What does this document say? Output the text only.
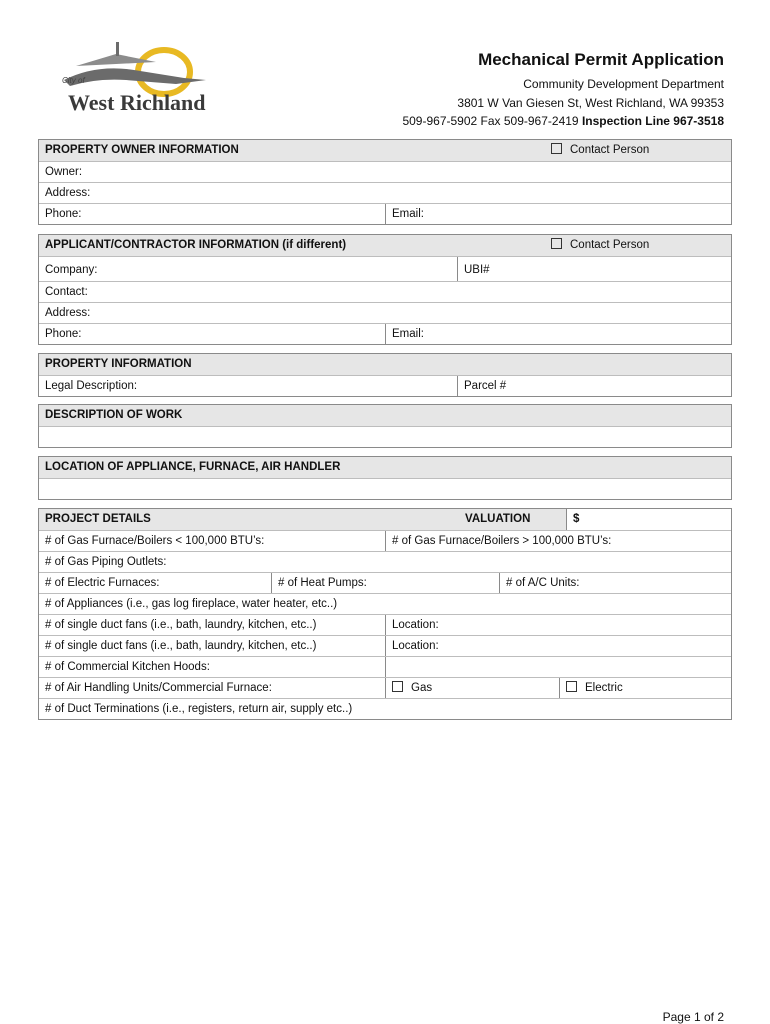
City of
West Richland
Mechanical Permit Application
Community Development Department
3801 W Van Giesen St, West Richland, WA 99353
509-967-5902 Fax 509-967-2419 Inspection Line 967-3518
PROPERTY OWNER INFORMATION	Contact Person
Owner:
Address:
Phone:	Email:
APPLICANT/CONTRACTOR INFORMATION (if different)	Contact Person
Company:	UBI#
Contact:
Address:
Phone:	Email:
PROPERTY INFORMATION
Legal Description:	Parcel #
DESCRIPTION OF WORK
LOCATION OF APPLIANCE, FURNACE, AIR HANDLER
PROJECT DETAILS	VALUATION	$
# of Gas Furnace/Boilers < 100,000 BTU’s:	# of Gas Furnace/Boilers > 100,000 BTU’s:
# of Gas Piping Outlets:
# of Electric Furnaces:	# of Heat Pumps:	# of A/C Units:
# of Appliances (i.e., gas log fireplace, water heater, etc..)
# of single duct fans (i.e., bath, laundry, kitchen, etc..)	Location:
# of single duct fans (i.e., bath, laundry, kitchen, etc..)	Location:
# of Commercial Kitchen Hoods:
# of Air Handling Units/Commercial Furnace:	Gas	Electric
# of Duct Terminations (i.e., registers, return air, supply etc..)
Page 1 of 2
